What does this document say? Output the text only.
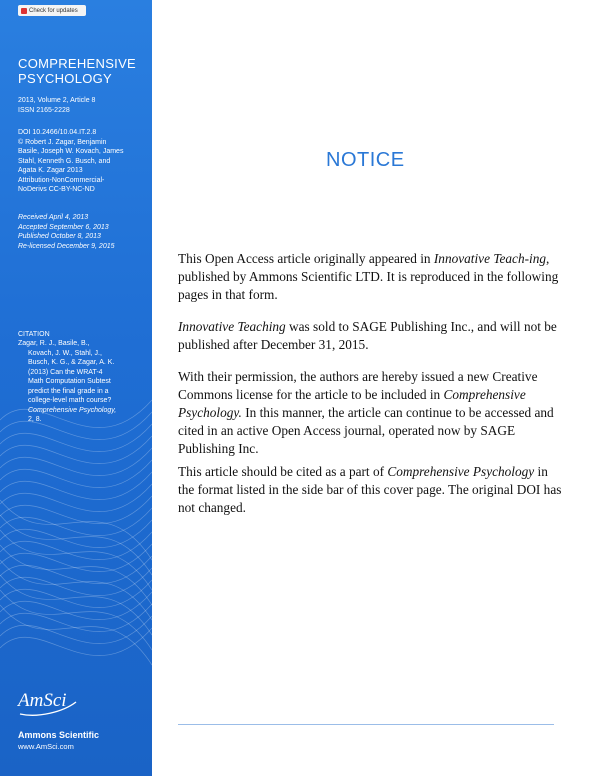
Check for updates
COMPREHENSIVE
PSYCHOLOGY
2013, Volume 2, Article 8
ISSN 2165-2228
DOI 10.2466/10.04.IT.2.8
© Robert J. Zagar, Benjamin
Basile, Joseph W. Kovach, James
Stahl, Kenneth G. Busch, and
Agata K. Zagar 2013
Attribution-NonCommercial-
NoDerivs CC-BY-NC-ND
Received April 4, 2013
Accepted September 6, 2013
Published October 8, 2013
Re-licensed December 9, 2015
CITATION
Zagar, R. J., Basile, B.,
Kovach, J. W., Stahl, J.,
Busch, K. G., & Zagar, A. K.
(2013) Can the WRAT-4
Math Computation Subtest
predict the final grade in a
college-level math course?
Comprehensive Psychology,
2, 8.
AmSci
Ammons Scientific
www.AmSci.com
NOTICE

This Open Access article originally appeared in Innovative Teach-ing, published by Ammons Scientific LTD. It is reproduced in the following pages in that form.

Innovative Teaching was sold to SAGE Publishing Inc., and will not be published after December 31, 2015.

With their permission, the authors are hereby issued a new Creative Commons license for the article to be included in Comprehensive Psychology. In this manner, the article can continue to be accessed and cited in an active Open Access journal, operated now by SAGE Publishing Inc.

This article should be cited as a part of Comprehensive Psychology in the format listed in the side bar of this cover page. The original DOI has not changed.
